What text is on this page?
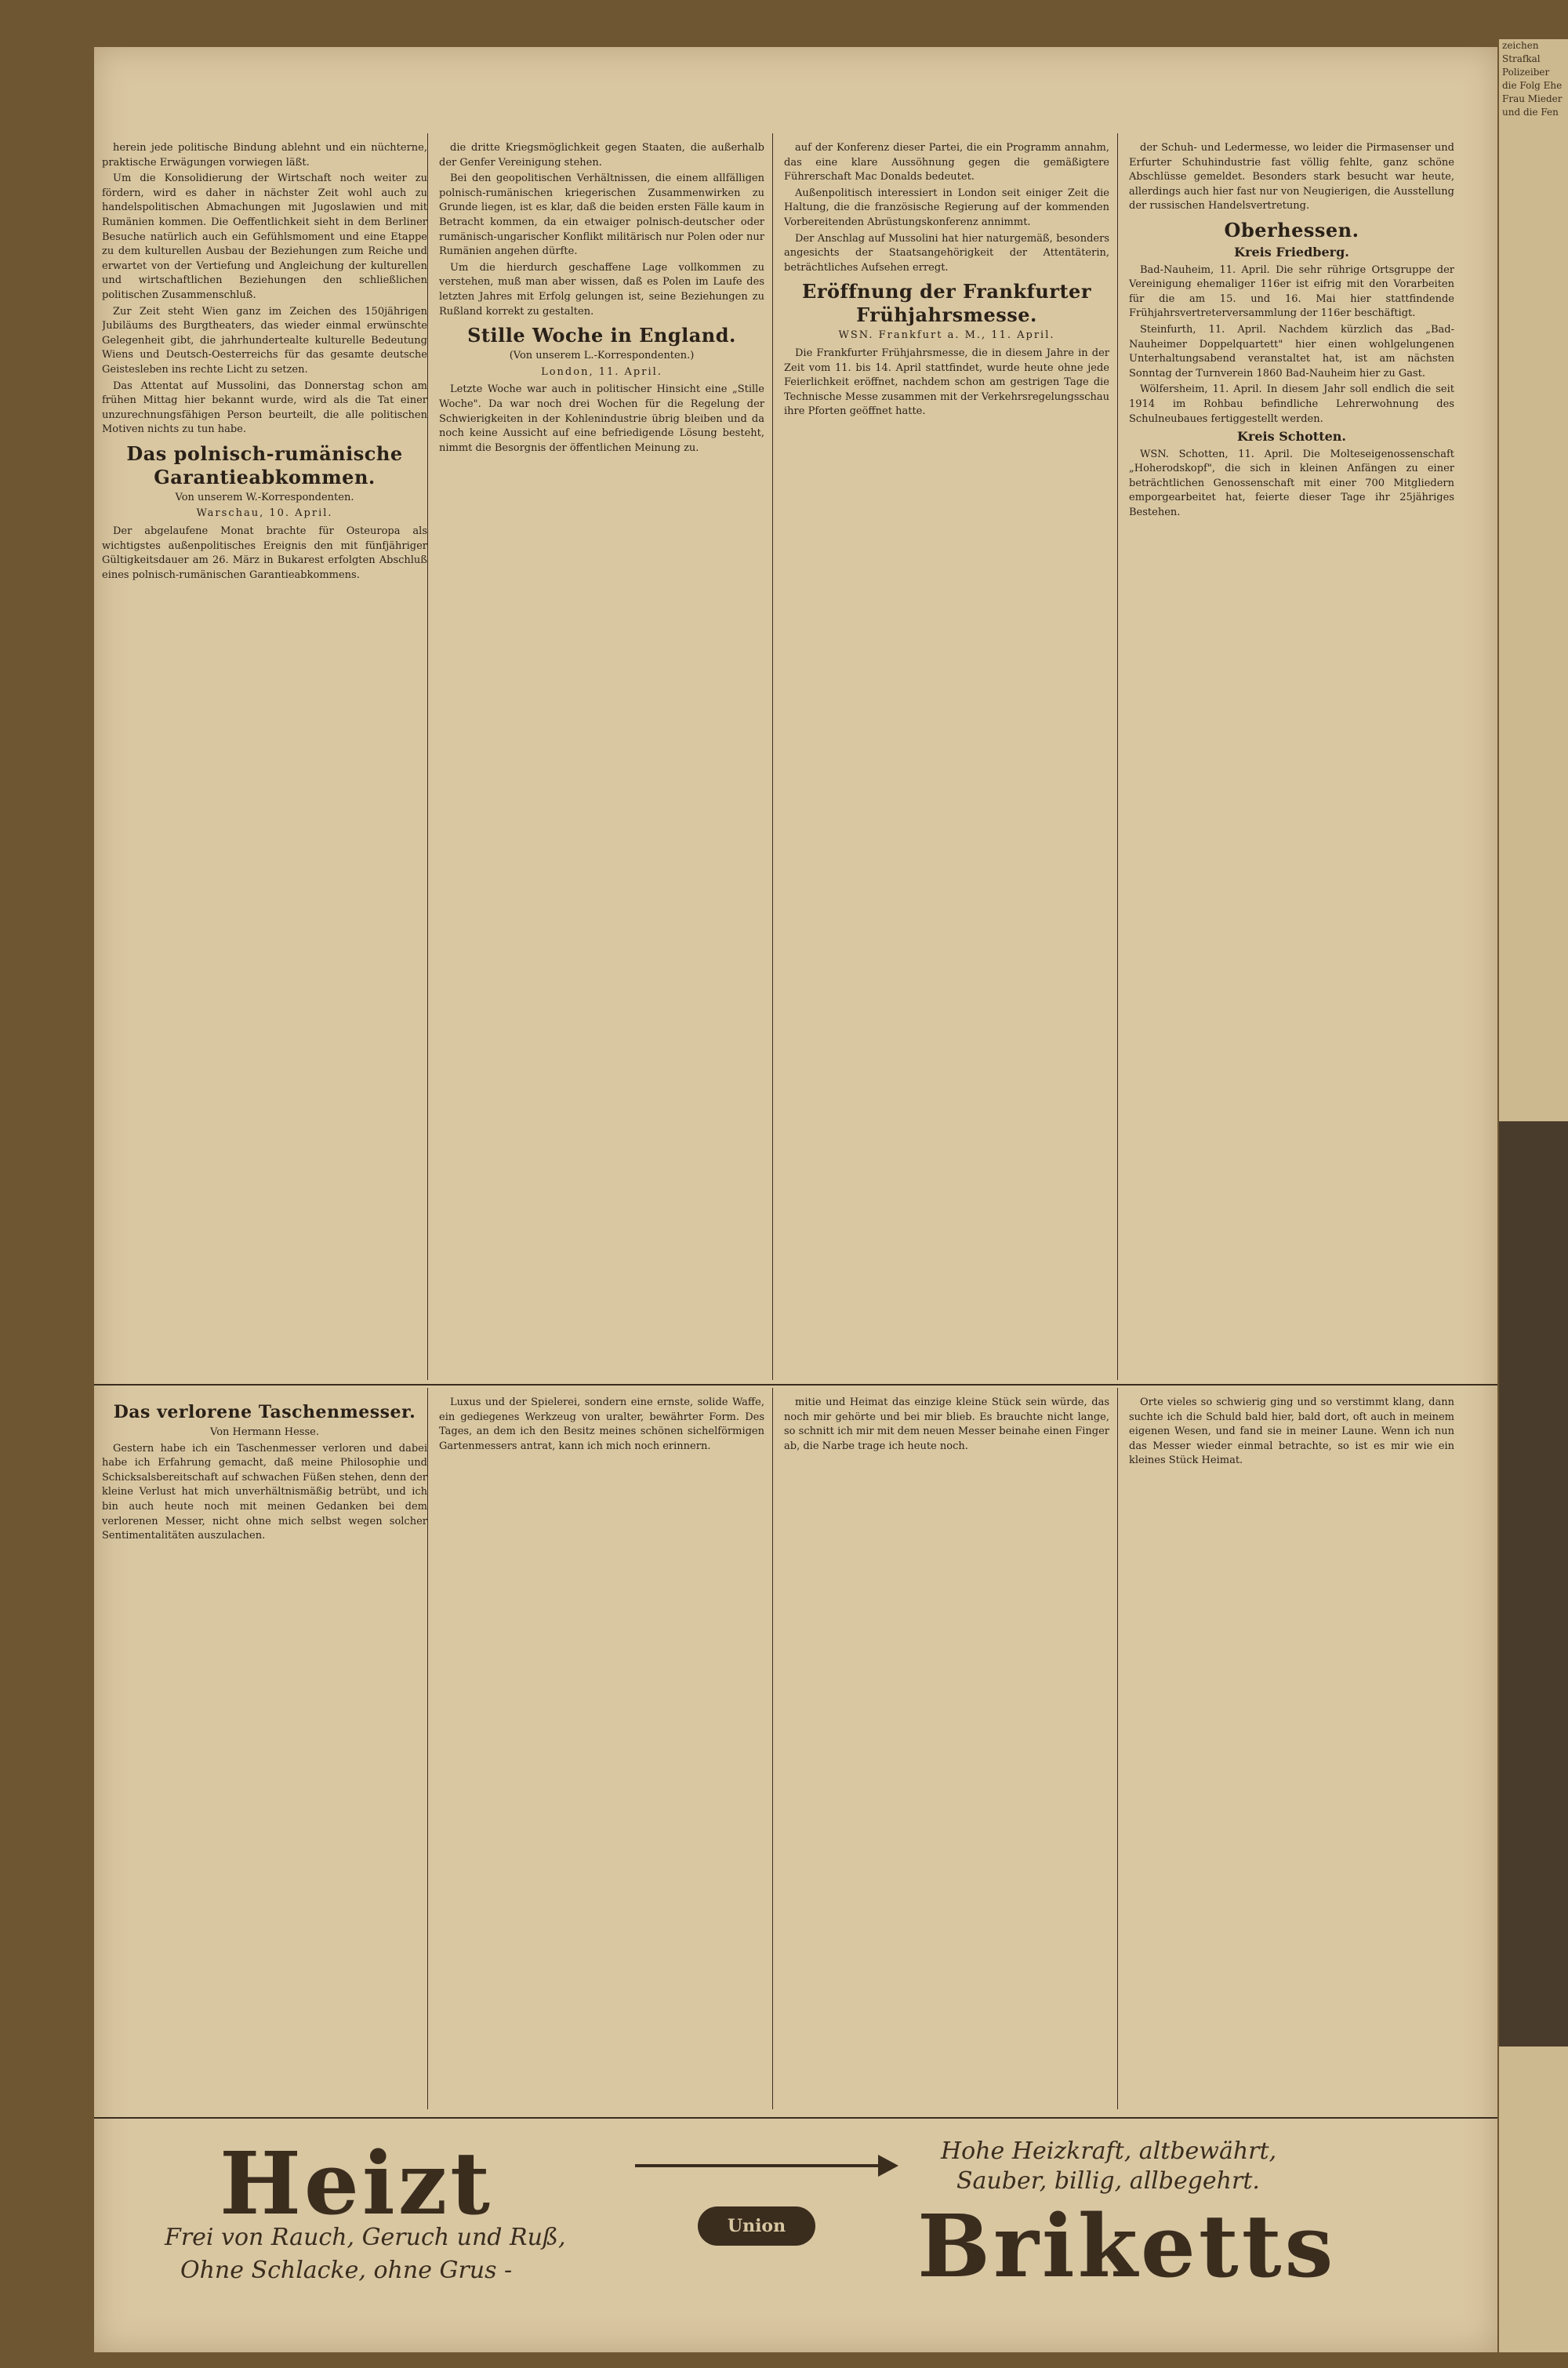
herein jede politische Bindung ablehnt und ein nüchterne, praktische Erwägungen vorwiegen läßt.

Um die Konsolidierung der Wirtschaft noch weiter zu fördern, wird es daher in nächster Zeit wohl auch zu handelspolitischen Abmachungen mit Jugoslawien und mit Rumänien kommen. Die Oeffentlichkeit sieht in dem Berliner Besuche natürlich auch ein Gefühlsmoment und eine Etappe zu dem kulturellen Ausbau der Beziehungen zum Reiche und erwartet von der Vertiefung und Angleichung der kulturellen und wirtschaftlichen Beziehungen den schließlichen politischen Zusammenschluß.

Zur Zeit steht Wien ganz im Zeichen des 150jährigen Jubiläums des Burgtheaters, das wieder einmal erwünschte Gelegenheit gibt, die jahrhundertealte kulturelle Bedeutung Wiens und Deutsch-Oesterreichs für das gesamte deutsche Geistesleben ins rechte Licht zu setzen.

Das Attentat auf Mussolini, das Donnerstag schon am frühen Mittag hier bekannt wurde, wird als die Tat einer unzurechnungsfähigen Person beurteilt, die alle politischen Motiven nichts zu tun habe.

Das polnisch-rumänische Garantieabkommen.
Von unserem W.-Korrespondenten.
Warschau, 10. April.

Der abgelaufene Monat brachte für Osteuropa als wichtigstes außenpolitisches Ereignis den mit fünfjähriger Gültigkeitsdauer am 26. März in Bukarest erfolgten Abschluß eines polnisch-rumänischen Garantieabkommens.

die dritte Kriegsmöglichkeit gegen Staaten, die außerhalb der Genfer Vereinigung stehen.

Bei den geopolitischen Verhältnissen, die einem allfälligen polnisch-rumänischen kriegerischen Zusammenwirken zu Grunde liegen, ist es klar, daß die beiden ersten Fälle kaum in Betracht kommen, da ein etwaiger polnisch-deutscher oder rumänisch-ungarischer Konflikt militärisch nur Polen oder nur Rumänien angehen dürfte.

Um die hierdurch geschaffene Lage vollkommen zu verstehen, muß man aber wissen, daß es Polen im Laufe des letzten Jahres mit Erfolg gelungen ist, seine Beziehungen zu Rußland korrekt zu gestalten.

Stille Woche in England.
(Von unserem L.-Korrespondenten.)
London, 11. April.

Letzte Woche war auch in politischer Hinsicht eine „Stille Woche". Da war noch drei Wochen für die Regelung der Schwierigkeiten in der Kohlenindustrie übrig bleiben und da noch keine Aussicht auf eine befriedigende Lösung besteht, nimmt die Besorgnis der öffentlichen Meinung zu.

auf der Konferenz dieser Partei, die ein Programm annahm, das eine klare Aussöhnung gegen die gemäßigtere Führerschaft Mac Donalds bedeutet.

Außenpolitisch interessiert in London seit einiger Zeit die Haltung, die die französische Regierung auf der kommenden Vorbereitenden Abrüstungskonferenz annimmt.

Der Anschlag auf Mussolini hat hier naturgemäß, besonders angesichts der Staatsangehörigkeit der Attentäterin, beträchtliches Aufsehen erregt.

Eröffnung der Frankfurter Frühjahrsmesse.
WSN. Frankfurt a. M., 11. April.

Die Frankfurter Frühjahrsmesse, die in diesem Jahre in der Zeit vom 11. bis 14. April stattfindet, wurde heute ohne jede Feierlichkeit eröffnet, nachdem schon am gestrigen Tage die Technische Messe zusammen mit der Verkehrsregelungsschau ihre Pforten geöffnet hatte.

der Schuh- und Ledermesse, wo leider die Pirmasenser und Erfurter Schuhindustrie fast völlig fehlte, ganz schöne Abschlüsse gemeldet. Besonders stark besucht war heute, allerdings auch hier fast nur von Neugierigen, die Ausstellung der russischen Handelsvertretung.

Oberhessen.
Kreis Friedberg.

Bad-Nauheim, 11. April. Die sehr rührige Ortsgruppe der Vereinigung ehemaliger 116er ist eifrig mit den Vorarbeiten für die am 15. und 16. Mai hier stattfindende Frühjahrsvertreterversammlung der 116er beschäftigt.

Steinfurth, 11. April. Nachdem kürzlich das „Bad-Nauheimer Doppelquartett" hier einen wohlgelungenen Unterhaltungsabend veranstaltet hat, ist am nächsten Sonntag der Turnverein 1860 Bad-Nauheim hier zu Gast.

Wölfersheim, 11. April. In diesem Jahr soll endlich die seit 1914 im Rohbau befindliche Lehrerwohnung des Schulneubaues fertiggestellt werden.

Kreis Schotten.

WSN. Schotten, 11. April. Die Molteseigenossenschaft „Hoherodskopf", die sich in kleinen Anfängen zu einer beträchtlichen Genossenschaft mit einer 700 Mitgliedern emporgearbeitet hat, feierte dieser Tage ihr 25jähriges Bestehen.

Das verlorene Taschenmesser.
Von Hermann Hesse.

Gestern habe ich ein Taschenmesser verloren und dabei habe ich Erfahrung gemacht, daß meine Philosophie und Schicksalsbereitschaft auf schwachen Füßen stehen, denn der kleine Verlust hat mich unverhältnismäßig betrübt, und ich bin auch heute noch mit meinen Gedanken bei dem verlorenen Messer, nicht ohne mich selbst wegen solcher Sentimentalitäten auszulachen.

Luxus und der Spielerei, sondern eine ernste, solide Waffe, ein gediegenes Werkzeug von uralter, bewährter Form. Des Tages, an dem ich den Besitz meines schönen sichelförmigen Gartenmessers antrat, kann ich mich noch erinnern.

mitie und Heimat das einzige kleine Stück sein würde, das noch mir gehörte und bei mir blieb. Es brauchte nicht lange, so schnitt ich mir mit dem neuen Messer beinahe einen Finger ab, die Narbe trage ich heute noch.

Orte vieles so schwierig ging und so verstimmt klang, dann suchte ich die Schuld bald hier, bald dort, oft auch in meinem eigenen Wesen, und fand sie in meiner Laune. Wenn ich nun das Messer wieder einmal betrachte, so ist es mir wie ein kleines Stück Heimat.

Heizt	Hohe Heizkraft, altbewährt,
Sauber, billig, allbegehrt.
Frei von Rauch, Geruch und Ruß,
Ohne Schlacke, ohne Grus -
Union	Briketts

zeichen Strafkal Polizeiber die Folg Ehe Frau Mieder und die Fen
